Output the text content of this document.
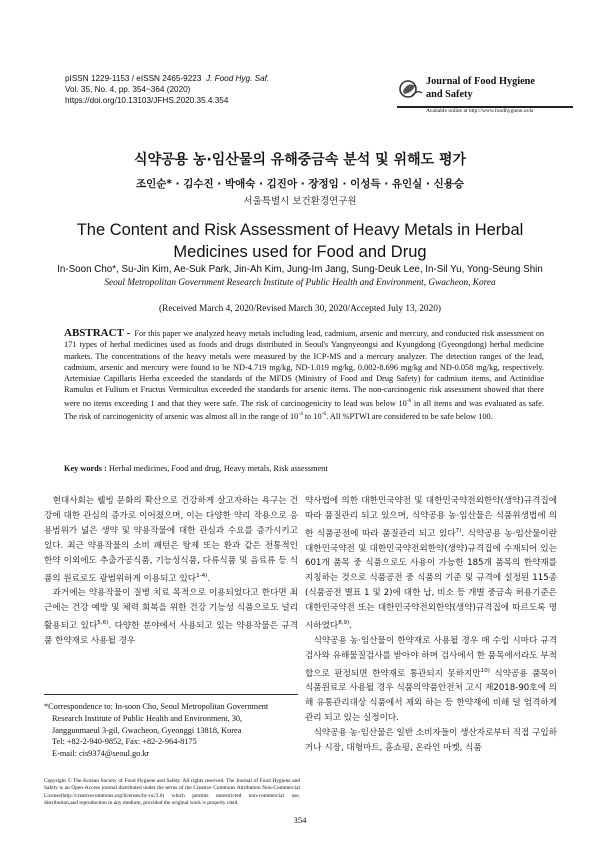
pISSN 1229-1153 / eISSN 2465-9223 J. Food Hyg. Saf.
Vol. 35, No. 4, pp. 354~364 (2020)
https://doi.org/10.13103/JFHS.2020.35.4.354
Journal of Food Hygiene
and Safety
Available online at http://www.foodhygiene.or.kr
식약공용 농·임산물의 유해중금속 분석 및 위해도 평가
조인순* · 김수진 · 박애숙 · 김진아 · 장정임 · 이성득 · 유인실 · 신용승
서울특별시 보건환경연구원
The Content and Risk Assessment of Heavy Metals in Herbal Medicines used for Food and Drug
In-Soon Cho*, Su-Jin Kim, Ae-Suk Park, Jin-Ah Kim, Jung-Im Jang, Sung-Deuk Lee, In-Sil Yu, Yong-Seung Shin
Seoul Metropolitan Government Research Institute of Public Health and Environment, Gwacheon, Korea
(Received March 4, 2020/Revised March 30, 2020/Accepted July 13, 2020)
ABSTRACT - For this paper we analyzed heavy metals including lead, cadmium, arsenic and mercury, and conducted risk assessment on 171 types of herbal medicines used as foods and drugs distributed in Seoul's Yangnyeongsi and Kyungdong (Gyeongdong) herbal medicine markets. The concentrations of the heavy metals were measured by the ICP-MS and a mercury analyzer. The detection ranges of the lead, cadmium, arsenic and mercury were found to be ND-4.719 mg/kg, ND-1.019 mg/kg, 0.002-8.696 mg/kg and ND-0.058 mg/kg, respectively. Artemisiae Capillaris Herba exceeded the standards of the MFDS (Ministry of Food and Drug Safety) for cadmium items, and Actinidiae Ramulus et Fulium et Fructus Vermicultus exceeded the standards for arsenic items. The non-carcinogenic risk assessment showed that there were no items exceeding 1 and that they were safe. The risk of carcinogenicity to lead was below $10^{-6}$ in all items and was evaluated as safe. The risk of carcinogenicity of arsenic was almost all in the range of $10^{-4}$ to $10^{-6}$. All %PTWI are considered to be safe below 100.
Key words : Herbal medicines, Food and drug, Heavy metals, Risk assessment

현대사회는 웰빙 문화의 확산으로 건강하게 살고자하는 욕구는 건강에 대한 관심의 증가로 이어졌으며, 이는 다양한 약리 작용으로 응용범위가 넓은 생약 및 약용작물에 대한 관심과 수요를 증가시키고 있다. 최근 약용작물의 소비 패턴은 탕제 또는 환과 같은 전통적인 한약 이외에도 추출가공식품, 기능성식품, 다류식품 및 음료류 등 식품의 원료로도 광범위하게 이용되고 있다$^{1-4)}$.

과거에는 약용작물이 질병 치료 목적으로 이용되었다고 한다면 최근에는 건강 예방 및 체력 회복을 위한 건강 기능성 식품으로도 널리 활용되고 있다$^{5,6)}$. 다양한 분야에서 사용되고 있는 약용작물은 규격품 한약재로 사용될 경우

약사법에 의한 대한민국약전 및 대한민국약전외한약(생약)규격집에 따라 품질관리 되고 있으며, 식약공용 농·임산물은 식품위생법에 의한 식품공전에 따라 품질관리 되고 있다$^{7)}$. 식약공용 농·임산물이란 대한민국약전 및 대한민국약전외한약(생약)규격집에 수재되어 있는 601개 품목 중 식품으로도 사용이 가능한 185개 품목의 한약재를 지칭하는 것으로 식품공전 중 식품의 기준 및 규격에 설정된 115종(식품공전 별표 1 및 2)에 대한 납, 비소 등 개별 중금속 허용기준은 대한민국약전 또는 대한민국약전외한약(생약)규격집에 따르도록 명시하였다$^{8,9)}$.

식약공용 농·임산물이 한약재로 사용될 경우 매 수입 시마다 규격검사와 유해물질검사를 받아야 하며 검사에서 한 품목에서라도 부적합으로 판정되면 한약재로 통관되지 못하지만$^{10)}$ 식약공용 품목이 식품원료로 사용될 경우 식품의약품안전처 고시 제2018-90호에 의해 유통관리대상 식품에서 제외 하는 등 한약재에 비해 덜 엄격하게 관리 되고 있는 실정이다.

식약공용 농·임산물은 일반 소비자들이 생산자로부터 직접 구입하거나 시장, 대형마트, 홈쇼핑, 온라인 마켓, 식품

*Correspondence to: In-soon Cho, Seoul Metropolitan Government
Research Institute of Public Health and Environment, 30,
Janggunmaeul 3-gil, Gwacheon, Gyeonggi 13818, Korea
Tel: +82-2-940-9852, Fax: +82-2-964-8175
E-mail: cis9374@seoul.go.kr
Copyright © The Korean Society of Food Hygiene and Safety. All rights reserved. The Journal of Food Hygiene and Safety is an Open-Access journal distributed under the terms of the Creative Commons Attribution Non-Commercial License(http://creativecommons.org/licenses/by-nc/3.0) which permits unrestricted non-commercial use, distribution,and reproduction in any medium, provided the original work is properly cited.
354
